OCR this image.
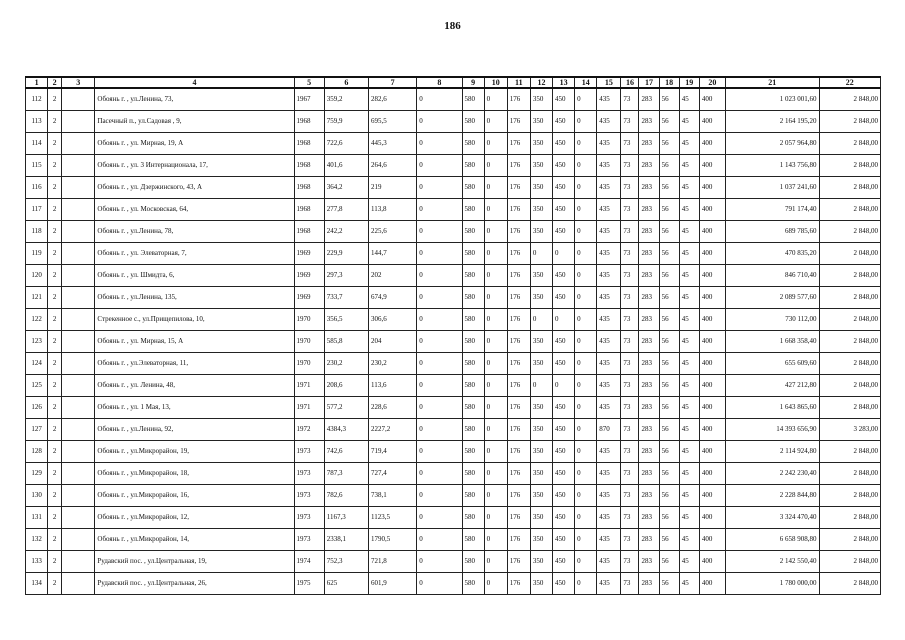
186
1	2	3	4	5	6	7	8	9	10	11	12	13	14	15	16	17	18	19	20	21	22
112	2		Обоянь г. , ул.Ленина, 73,	1967	359,2	282,6	0	580	0	176	350	450	0	435	73	283	56	45	400	1 023 001,60	2 848,00
113	2		Пасечный п., ул.Садовая , 9,	1968	759,9	695,5	0	580	0	176	350	450	0	435	73	283	56	45	400	2 164 195,20	2 848,00
114	2		Обоянь г. , ул. Мирная, 19, А	1968	722,6	445,3	0	580	0	176	350	450	0	435	73	283	56	45	400	2 057 964,80	2 848,00
115	2		Обоянь г. , ул. 3 Интернационала, 17,	1968	401,6	264,6	0	580	0	176	350	450	0	435	73	283	56	45	400	1 143 756,80	2 848,00
116	2		Обоянь г. , ул. Дзержинского, 43, А	1968	364,2	219	0	580	0	176	350	450	0	435	73	283	56	45	400	1 037 241,60	2 848,00
117	2		Обоянь г. , ул. Московская, 64,	1968	277,8	113,8	0	580	0	176	350	450	0	435	73	283	56	45	400	791 174,40	2 848,00
118	2		Обоянь г. , ул.Ленина, 78,	1968	242,2	225,6	0	580	0	176	350	450	0	435	73	283	56	45	400	689 785,60	2 848,00
119	2		Обоянь г. , ул. Элеваторная, 7,	1969	229,9	144,7	0	580	0	176	0	0	0	435	73	283	56	45	400	470 835,20	2 048,00
120	2		Обоянь г. , ул. Шмидта, 6,	1969	297,3	202	0	580	0	176	350	450	0	435	73	283	56	45	400	846 710,40	2 848,00
121	2		Обоянь г. , ул.Ленина, 135,	1969	733,7	674,9	0	580	0	176	350	450	0	435	73	283	56	45	400	2 089 577,60	2 848,00
122	2		Стрекенное с., ул.Прищепилова, 10,	1970	356,5	306,6	0	580	0	176	0	0	0	435	73	283	56	45	400	730 112,00	2 048,00
123	2		Обоянь г. , ул. Мирная, 15, А	1970	585,8	204	0	580	0	176	350	450	0	435	73	283	56	45	400	1 668 358,40	2 848,00
124	2		Обоянь г. , ул.Элеваторная, 11,	1970	230,2	230,2	0	580	0	176	350	450	0	435	73	283	56	45	400	655 609,60	2 848,00
125	2		Обоянь г. , ул. Ленина, 48,	1971	208,6	113,6	0	580	0	176	0	0	0	435	73	283	56	45	400	427 212,80	2 048,00
126	2		Обоянь г. , ул. 1 Мая, 13,	1971	577,2	228,6	0	580	0	176	350	450	0	435	73	283	56	45	400	1 643 865,60	2 848,00
127	2		Обоянь г. , ул.Ленина, 92,	1972	4384,3	2227,2	0	580	0	176	350	450	0	870	73	283	56	45	400	14 393 656,90	3 283,00
128	2		Обоянь г. , ул.Микрорайон, 19,	1973	742,6	719,4	0	580	0	176	350	450	0	435	73	283	56	45	400	2 114 924,80	2 848,00
129	2		Обоянь г. , ул.Микрорайон, 18,	1973	787,3	727,4	0	580	0	176	350	450	0	435	73	283	56	45	400	2 242 230,40	2 848,00
130	2		Обоянь г. , ул.Микрорайон, 16,	1973	782,6	738,1	0	580	0	176	350	450	0	435	73	283	56	45	400	2 228 844,80	2 848,00
131	2		Обоянь г. , ул.Микрорайон, 12,	1973	1167,3	1123,5	0	580	0	176	350	450	0	435	73	283	56	45	400	3 324 470,40	2 848,00
132	2		Обоянь г. , ул.Микрорайон, 14,	1973	2338,1	1790,5	0	580	0	176	350	450	0	435	73	283	56	45	400	6 658 908,80	2 848,00
133	2		Рудавский пос. , ул.Центральная, 19,	1974	752,3	721,8	0	580	0	176	350	450	0	435	73	283	56	45	400	2 142 550,40	2 848,00
134	2		Рудавский пос. , ул.Центральная, 26,	1975	625	601,9	0	580	0	176	350	450	0	435	73	283	56	45	400	1 780 000,00	2 848,00
